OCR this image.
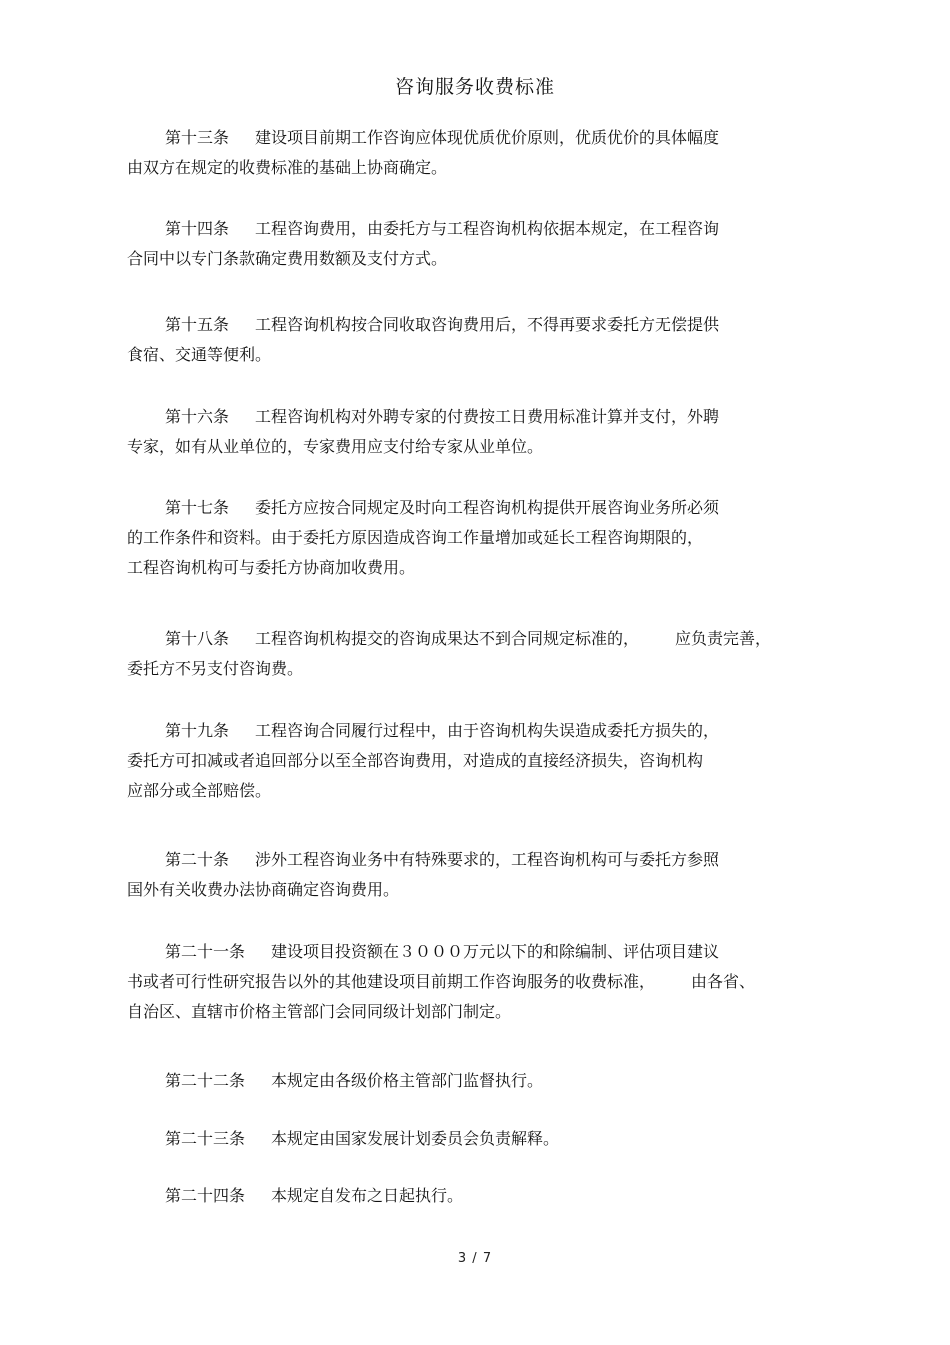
咨询服务收费标准
第十三条 建设项目前期工作咨询应体现优质优价原则，优质优价的具体幅度
由双方在规定的收费标准的基础上协商确定。
第十四条 工程咨询费用，由委托方与工程咨询机构依据本规定，在工程咨询
合同中以专门条款确定费用数额及支付方式。
第十五条 工程咨询机构按合同收取咨询费用后，不得再要求委托方无偿提供
食宿、交通等便利。
第十六条 工程咨询机构对外聘专家的付费按工日费用标准计算并支付，外聘
专家，如有从业单位的，专家费用应支付给专家从业单位。
第十七条 委托方应按合同规定及时向工程咨询机构提供开展咨询业务所必须
的工作条件和资料。由于委托方原因造成咨询工作量增加或延长工程咨询期限的，
工程咨询机构可与委托方协商加收费用。
第十八条 工程咨询机构提交的咨询成果达不到合同规定标准的， 应负责完善，
委托方不另支付咨询费。
第十九条 工程咨询合同履行过程中，由于咨询机构失误造成委托方损失的，
委托方可扣减或者追回部分以至全部咨询费用，对造成的直接经济损失，咨询机构
应部分或全部赔偿。
第二十条 涉外工程咨询业务中有特殊要求的，工程咨询机构可与委托方参照
国外有关收费办法协商确定咨询费用。
第二十一条 建设项目投资额在３０００万元以下的和除编制、评估项目建议
书或者可行性研究报告以外的其他建设项目前期工作咨询服务的收费标准， 由各省、
自治区、直辖市价格主管部门会同同级计划部门制定。
第二十二条 本规定由各级价格主管部门监督执行。
第二十三条 本规定由国家发展计划委员会负责解释。
第二十四条 本规定自发布之日起执行。
3 / 7
